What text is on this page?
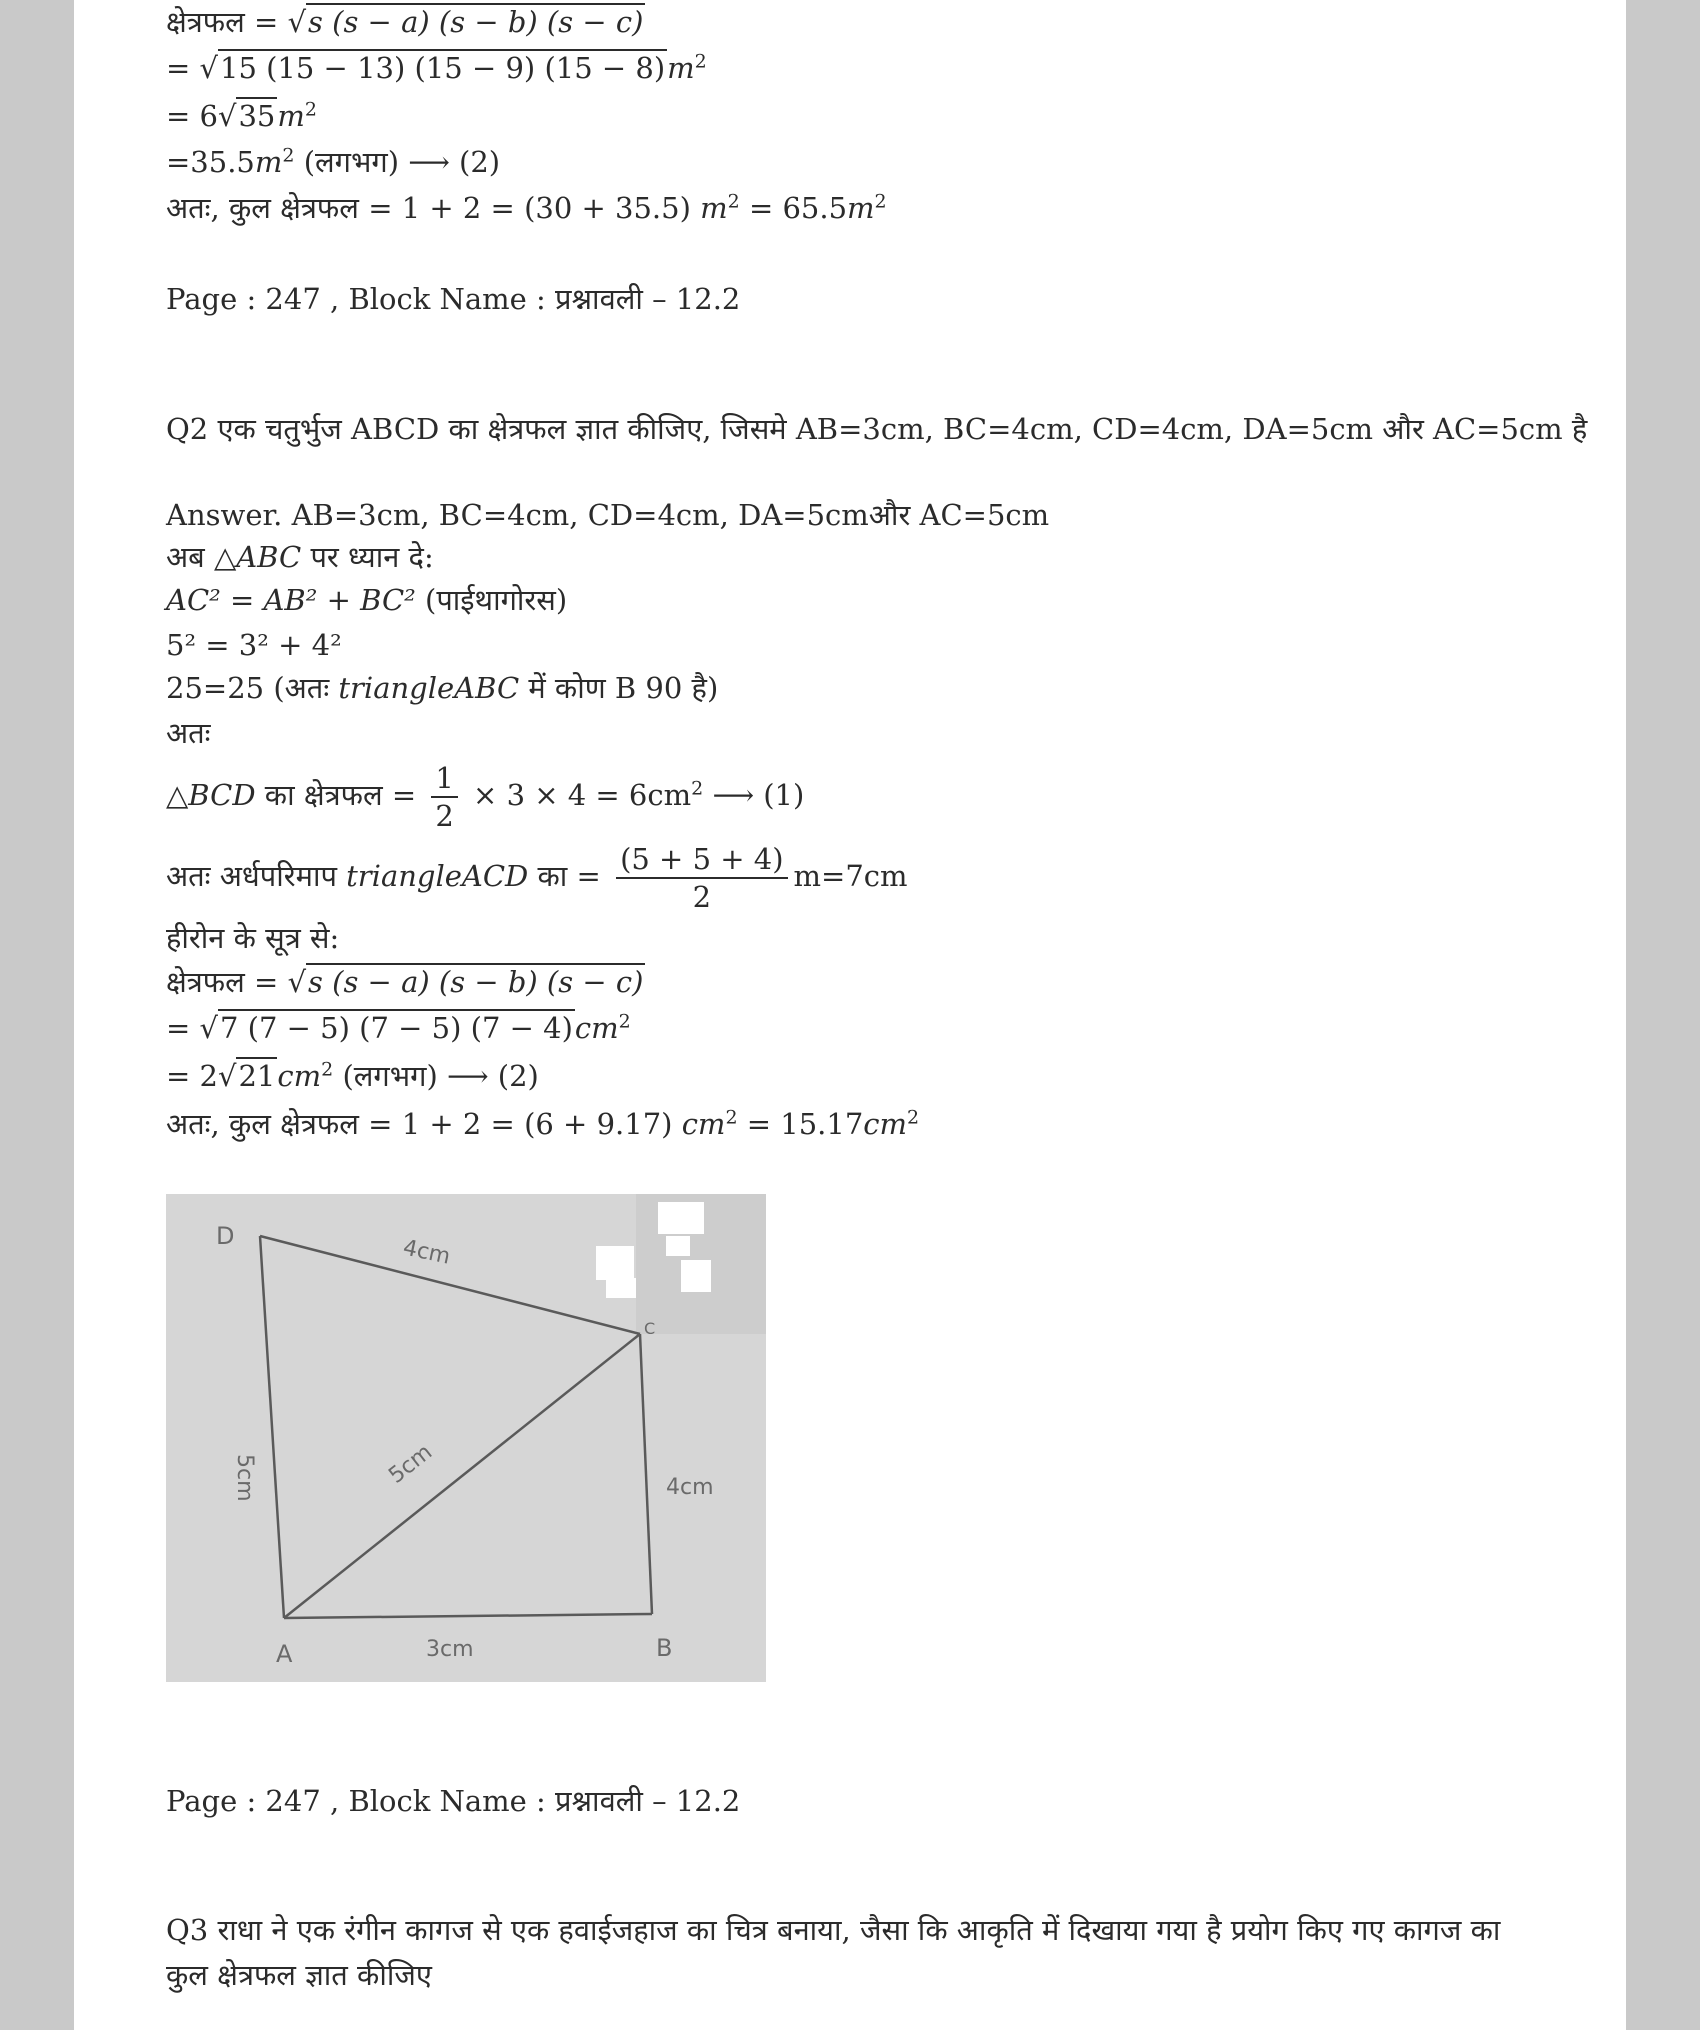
क्षेत्रफल = √s (s − a) (s − b) (s − c)
= √15 (15 − 13) (15 − 9) $(15 - 8)m^2$
= $6√35m^2$
$=35.5m^2$ (लगभग) ⟶ (2)
अतः, कुल क्षेत्रफल = 1 + 2 = (30 + 35.5) $m^2 = 65.5m^2$
Page : 247 , Block Name : प्रश्नावली – 12.2
Q2 एक चतुर्भुज ABCD का क्षेत्रफल ज्ञात कीजिए, जिसमे AB=3cm, BC=4cm, CD=4cm, DA=5cm और AC=5cm है
Answer. AB=3cm, BC=4cm, CD=4cm, DA=5cmऔर AC=5cm
अब △ABC पर ध्यान दे:
AC² = AB² + BC² (पाईथागोरस)
5² = 3² + 4²
25=25 (अतः triangleABC में कोण B 90 है)
अतः
△BCD का क्षेत्रफल = $\frac{1}{2} \times 3 \times 4 = 6cm^2$ ⟶ (1)
अतः अर्धपरिमाप triangleACD का = $\frac{(5 + 5 + 4)}{2} m=7cm$
हीरोन के सूत्र से:
क्षेत्रफल = √s (s − a) (s − b) (s − c)
= √7 (7 − 5) (7 − 5) $(7 - 4)cm^2$
= $2√21cm^2$ (लगभग) ⟶ (2)
अतः, कुल क्षेत्रफल = 1 + 2 = (6 + 9.17) $cm^2 = 15.17cm^2$
Page : 247 , Block Name : प्रश्नावली – 12.2
Q3 राधा ने एक रंगीन कागज से एक हवाईजहाज का चित्र बनाया, जैसा कि आकृति में दिखाया गया है प्रयोग किए गए कागज का
कुल क्षेत्रफल ज्ञात कीजिए
D
A	B
C
4cm
5cm	5cm	4cm
3cm
